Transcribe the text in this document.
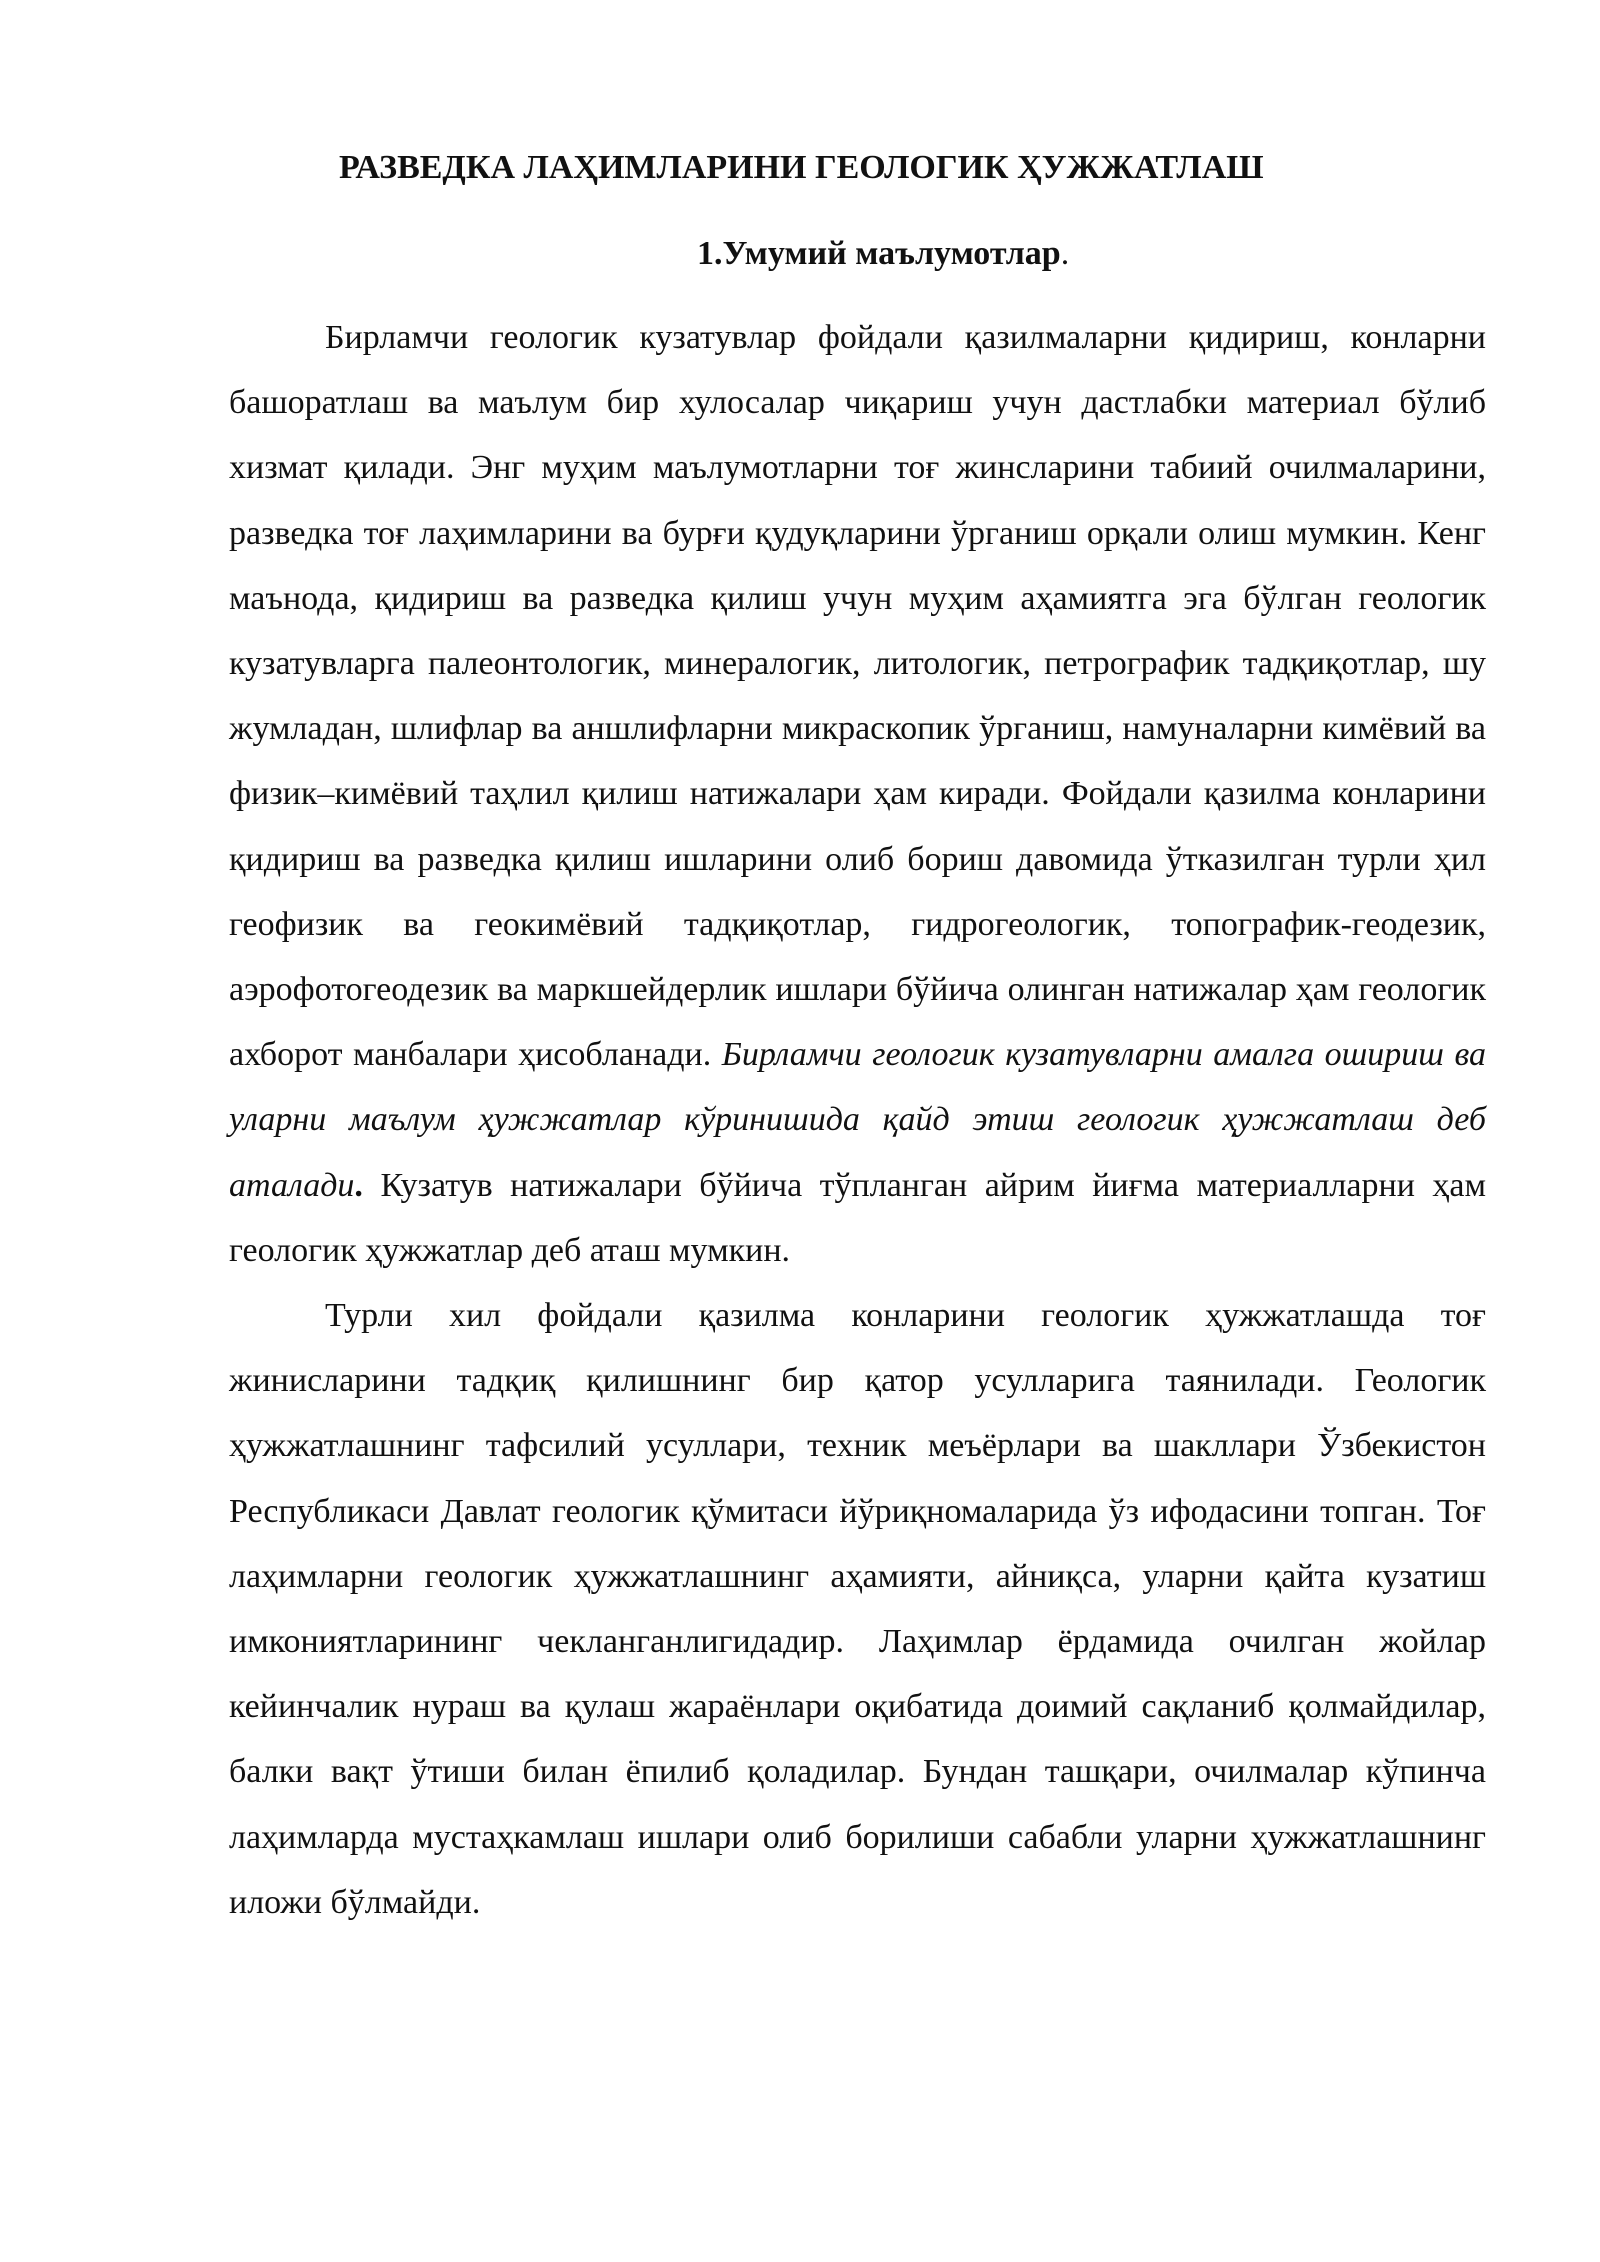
РАЗВЕДКА ЛАҲИМЛАРИНИ ГЕОЛОГИК ҲУЖЖАТЛАШ

1.Умумий маълумотлар.

Бирламчи геологик кузатувлар фойдали қазилмаларни қидириш, конларни башоратлаш ва маълум бир хулосалар чиқариш учун дастлабки материал бўлиб хизмат қилади. Энг муҳим маълумотларни тоғ жинсларини табиий очилмаларини, разведка тоғ лаҳимларини ва бурғи қудуқларини ўрганиш орқали олиш мумкин. Кенг маънода, қидириш ва разведка қилиш учун муҳим аҳамиятга эга бўлган геологик кузатувларга палеонтологик, минералогик, литологик, петрографик тадқиқотлар, шу жумладан, шлифлар ва аншлифларни микраскопик ўрганиш, намуналарни кимёвий ва физик–кимёвий таҳлил қилиш натижалари ҳам киради. Фойдали қазилма конларини қидириш ва разведка қилиш ишларини олиб бориш давомида ўтказилган турли ҳил геофизик ва геокимёвий тадқиқотлар, гидрогеологик, топографик-геодезик, аэрофотогеодезик ва маркшейдерлик ишлари бўйича олинган натижалар ҳам геологик ахборот манбалари ҳисобланади. Бирламчи геологик кузатувларни амалга ошириш ва уларни маълум ҳужжатлар кўринишида қайд этиш геологик ҳужжатлаш деб аталади. Кузатув натижалари бўйича тўпланган айрим йиғма материалларни ҳам геологик ҳужжатлар деб аташ мумкин.

Турли хил фойдали қазилма конларини геологик ҳужжатлашда тоғ жинисларини тадқиқ қилишнинг бир қатор усулларига таянилади. Геологик ҳужжатлашнинг тафсилий усуллари, техник меъёрлари ва шакллари Ўзбекистон Республикаси Давлат геологик қўмитаси йўриқномаларида ўз ифодасини топган. Тоғ лаҳимларни геологик ҳужжатлашнинг аҳамияти, айниқса, уларни қайта кузатиш имкониятларининг чекланганлигидадир. Лаҳимлар ёрдамида очилган жойлар кейинчалик нураш ва қулаш жараёнлари оқибатида доимий сақланиб қолмайдилар, балки вақт ўтиши билан ёпилиб қоладилар. Бундан ташқари, очилмалар кўпинча лаҳимларда мустаҳкамлаш ишлари олиб борилиши сабабли уларни ҳужжатлашнинг иложи бўлмайди.
